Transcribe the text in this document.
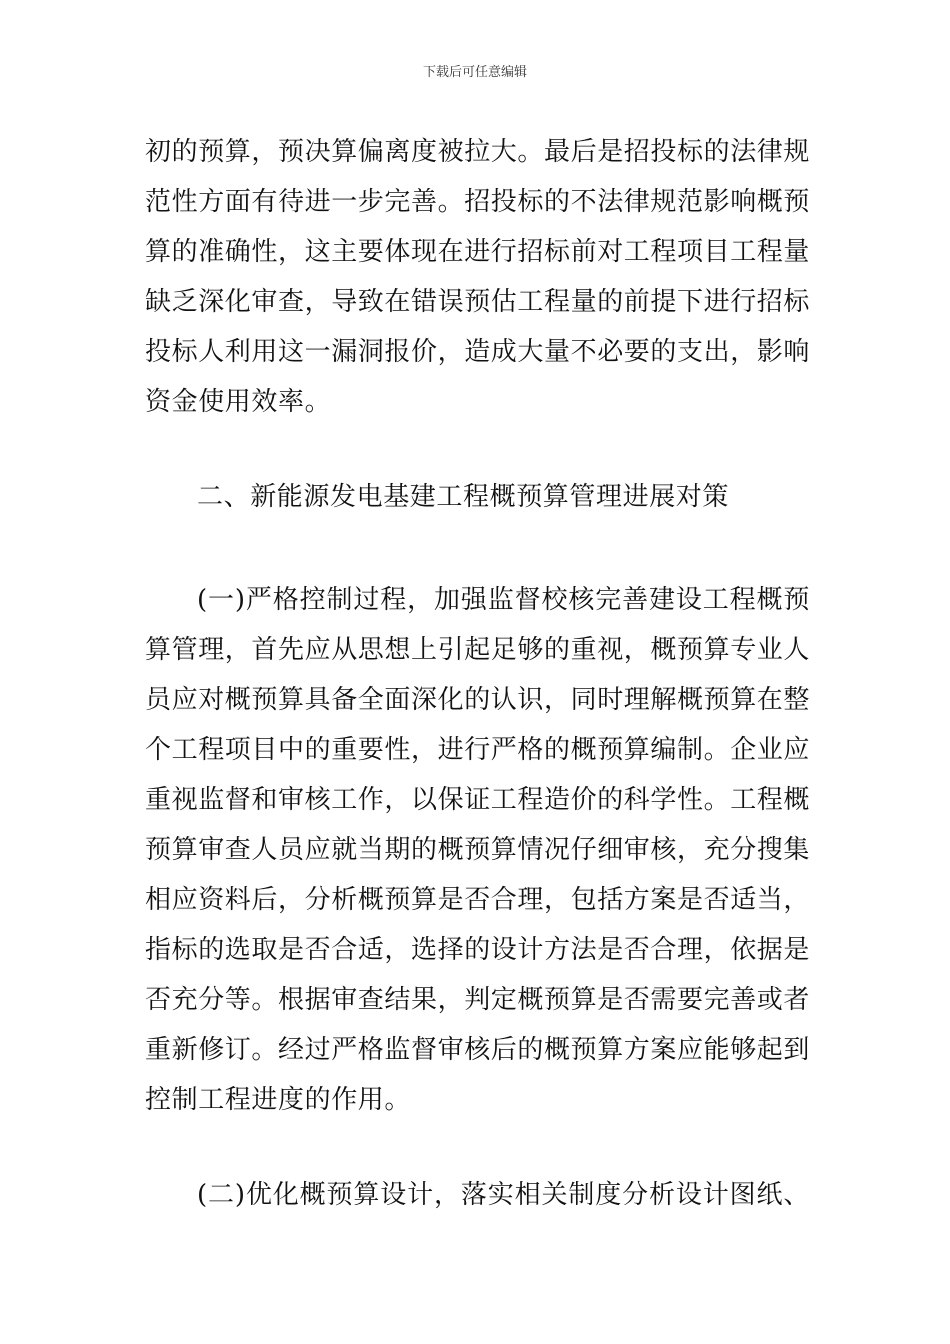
下载后可任意编辑
初的预算，预决算偏离度被拉大。最后是招投标的法律规
范性方面有待进一步完善。招投标的不法律规范影响概预
算的准确性，这主要体现在进行招标前对工程项目工程量
缺乏深化审查，导致在错误预估工程量的前提下进行招标
投标人利用这一漏洞报价，造成大量不必要的支出，影响
资金使用效率。
二、新能源发电基建工程概预算管理进展对策
(一)严格控制过程，加强监督校核完善建设工程概预
算管理，首先应从思想上引起足够的重视，概预算专业人
员应对概预算具备全面深化的认识，同时理解概预算在整
个工程项目中的重要性，进行严格的概预算编制。企业应
重视监督和审核工作，以保证工程造价的科学性。工程概
预算审查人员应就当期的概预算情况仔细审核，充分搜集
相应资料后，分析概预算是否合理，包括方案是否适当，
指标的选取是否合适，选择的设计方法是否合理，依据是
否充分等。根据审查结果，判定概预算是否需要完善或者
重新修订。经过严格监督审核后的概预算方案应能够起到
控制工程进度的作用。
(二)优化概预算设计，落实相关制度分析设计图纸、
